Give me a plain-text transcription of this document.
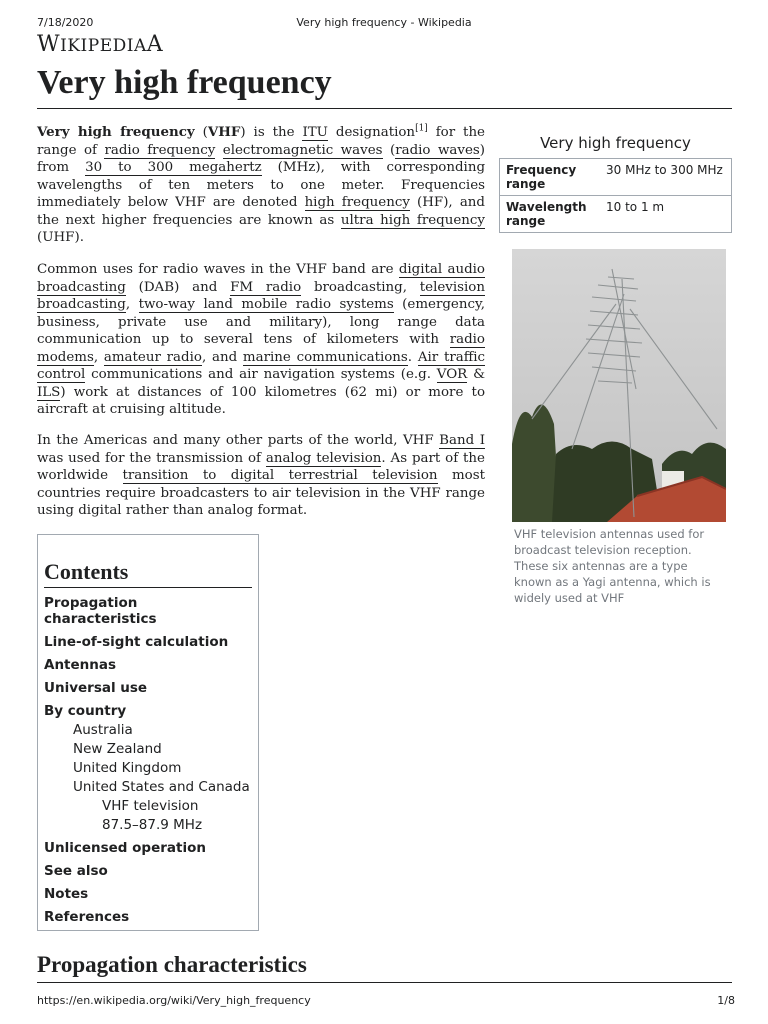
7/18/2020	Very high frequency - Wikipedia
WIKIPEDIAA
Very high frequency

Very high frequency (VHF) is the ITU designation[1] for the range of radio frequency electromagnetic waves (radio waves) from 30 to 300 megahertz (MHz), with corresponding wavelengths of ten meters to one meter. Frequencies immediately below VHF are denoted high frequency (HF), and the next higher frequencies are known as ultra high frequency (UHF).

Common uses for radio waves in the VHF band are digital audio broadcasting (DAB) and FM radio broadcasting, television broadcasting, two-way land mobile radio systems (emergency, business, private use and military), long range data communication up to several tens of kilometers with radio modems, amateur radio, and marine communications. Air traffic control communications and air navigation systems (e.g. VOR & ILS) work at distances of 100 kilometres (62 mi) or more to aircraft at cruising altitude.

In the Americas and many other parts of the world, VHF Band I was used for the transmission of analog television. As part of the worldwide transition to digital terrestrial television most countries require broadcasters to air television in the VHF range using digital rather than analog format.

Very high frequency
Frequency range	30 MHz to 300 MHz
Wavelength range	10 to 1 m
VHF television antennas used for broadcast television reception. These six antennas are a type known as a Yagi antenna, which is widely used at VHF
Contents
Propagation characteristics
Line-of-sight calculation
Antennas
Universal use
By country
Australia
New Zealand
United Kingdom
United States and Canada
VHF television
87.5–87.9 MHz
Unlicensed operation
See also
Notes
References
Propagation characteristics
https://en.wikipedia.org/wiki/Very_high_frequency	1/8
